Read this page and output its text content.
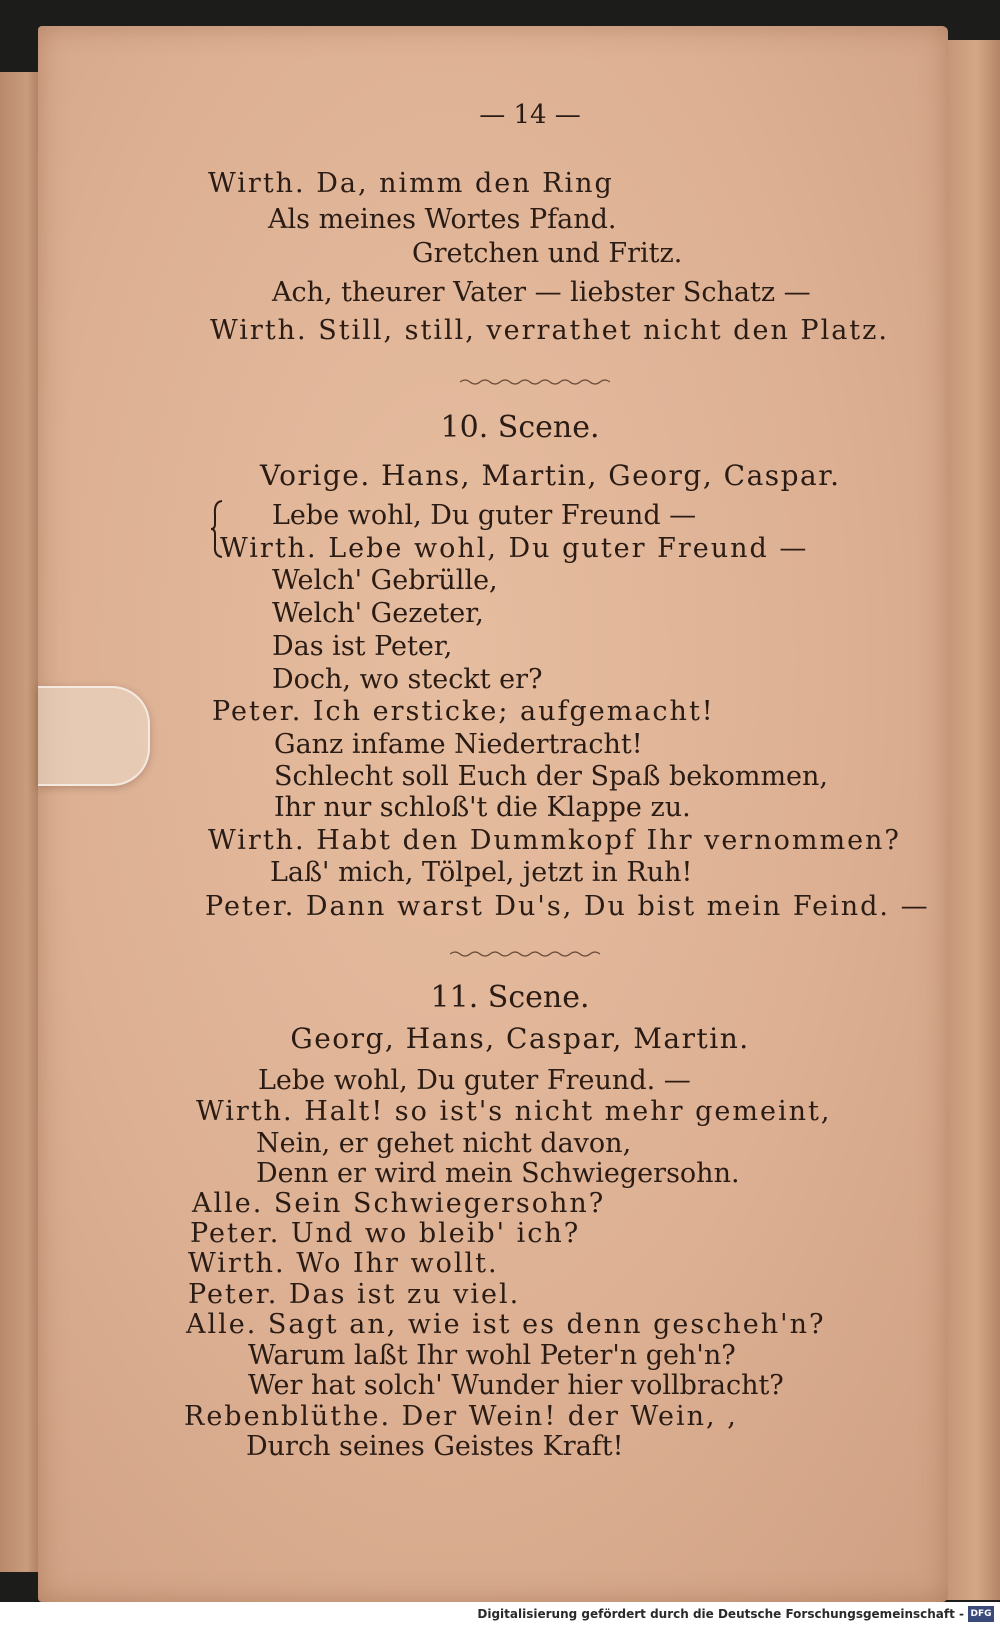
— 14 —
Wirth. Da, nimm den Ring
Als meines Wortes Pfand.
Gretchen und Fritz.
Ach, theurer Vater — liebster Schatz —
Wirth. Still, still, verrathet nicht den Platz.
10. Scene.
Vorige. Hans, Martin, Georg, Caspar.
Lebe wohl, Du guter Freund —
Wirth. Lebe wohl, Du guter Freund —
Welch' Gebrülle,
Welch' Gezeter,
Das ist Peter,
Doch, wo steckt er?
Peter. Ich ersticke; aufgemacht!
Ganz infame Niedertracht!
Schlecht soll Euch der Spaß bekommen,
Ihr nur schloß't die Klappe zu.
Wirth. Habt den Dummkopf Ihr vernommen?
Laß' mich, Tölpel, jetzt in Ruh!
Peter. Dann warst Du's, Du bist mein Feind. —
11. Scene.
Georg, Hans, Caspar, Martin.
Lebe wohl, Du guter Freund. —
Wirth. Halt! so ist's nicht mehr gemeint,
Nein, er gehet nicht davon,
Denn er wird mein Schwiegersohn.
Alle. Sein Schwiegersohn?
Peter. Und wo bleib' ich?
Wirth. Wo Ihr wollt.
Peter. Das ist zu viel.
Alle. Sagt an, wie ist es denn gescheh'n?
Warum laßt Ihr wohl Peter'n geh'n?
Wer hat solch' Wunder hier vollbracht?
Rebenblüthe. Der Wein! der Wein, ,
Durch seines Geistes Kraft!
Digitalisierung gefördert durch die Deutsche Forschungsgemeinschaft - DFG
